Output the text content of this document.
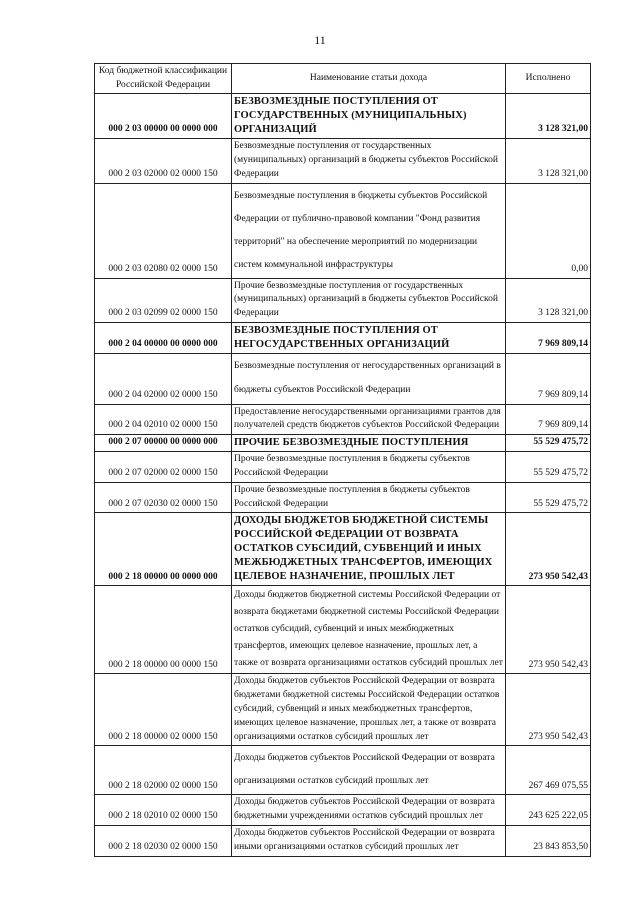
11
Код бюджетной классификации Российской Федерации	Наименование статьи дохода	Исполнено
000 2 03 00000 00 0000 000	БЕЗВОЗМЕЗДНЫЕ ПОСТУПЛЕНИЯ ОТ ГОСУДАРСТВЕННЫХ (МУНИЦИПАЛЬНЫХ) ОРГАНИЗАЦИЙ	3 128 321,00
000 2 03 02000 02 0000 150	Безвозмездные поступления от государственных (муниципальных) организаций в бюджеты субъектов Российской Федерации	3 128 321,00
000 2 03 02080 02 0000 150	Безвозмездные поступления в бюджеты субъектов Российской Федерации от публично-правовой компании "Фонд развития территорий" на обеспечение мероприятий по модернизации систем коммунальной инфраструктуры	0,00
000 2 03 02099 02 0000 150	Прочие безвозмездные поступления от государственных (муниципальных) организаций в бюджеты субъектов Российской Федерации	3 128 321,00
000 2 04 00000 00 0000 000	БЕЗВОЗМЕЗДНЫЕ ПОСТУПЛЕНИЯ ОТ НЕГОСУДАРСТВЕННЫХ ОРГАНИЗАЦИЙ	7 969 809,14
000 2 04 02000 02 0000 150	Безвозмездные поступления от негосударственных организаций в бюджеты субъектов Российской Федерации	7 969 809,14
000 2 04 02010 02 0000 150	Предоставление негосударственными организациями грантов для получателей средств бюджетов субъектов Российской Федерации	7 969 809,14
000 2 07 00000 00 0000 000	ПРОЧИЕ БЕЗВОЗМЕЗДНЫЕ ПОСТУПЛЕНИЯ	55 529 475,72
000 2 07 02000 02 0000 150	Прочие безвозмездные поступления в бюджеты субъектов Российской Федерации	55 529 475,72
000 2 07 02030 02 0000 150	Прочие безвозмездные поступления в бюджеты субъектов Российской Федерации	55 529 475,72
000 2 18 00000 00 0000 000	ДОХОДЫ БЮДЖЕТОВ БЮДЖЕТНОЙ СИСТЕМЫ РОССИЙСКОЙ ФЕДЕРАЦИИ ОТ ВОЗВРАТА ОСТАТКОВ СУБСИДИЙ, СУБВЕНЦИЙ И ИНЫХ МЕЖБЮДЖЕТНЫХ ТРАНСФЕРТОВ, ИМЕЮЩИХ ЦЕЛЕВОЕ НАЗНАЧЕНИЕ, ПРОШЛЫХ ЛЕТ	273 950 542,43
000 2 18 00000 00 0000 150	Доходы бюджетов бюджетной системы Российской Федерации от возврата бюджетами бюджетной системы Российской Федерации остатков субсидий, субвенций и иных межбюджетных трансфертов, имеющих целевое назначение, прошлых лет, а также от возврата организациями остатков субсидий прошлых лет	273 950 542,43
000 2 18 00000 02 0000 150	Доходы бюджетов субъектов Российской Федерации от возврата бюджетами бюджетной системы Российской Федерации остатков субсидий, субвенций и иных межбюджетных трансфертов, имеющих целевое назначение, прошлых лет, а также от возврата организациями остатков субсидий прошлых лет	273 950 542,43
000 2 18 02000 02 0000 150	Доходы бюджетов субъектов Российской Федерации от возврата организациями остатков субсидий прошлых лет	267 469 075,55
000 2 18 02010 02 0000 150	Доходы бюджетов субъектов Российской Федерации от возврата бюджетными учреждениями остатков субсидий прошлых лет	243 625 222,05
000 2 18 02030 02 0000 150	Доходы бюджетов субъектов Российской Федерации от возврата иными организациями остатков субсидий прошлых лет	23 843 853,50
